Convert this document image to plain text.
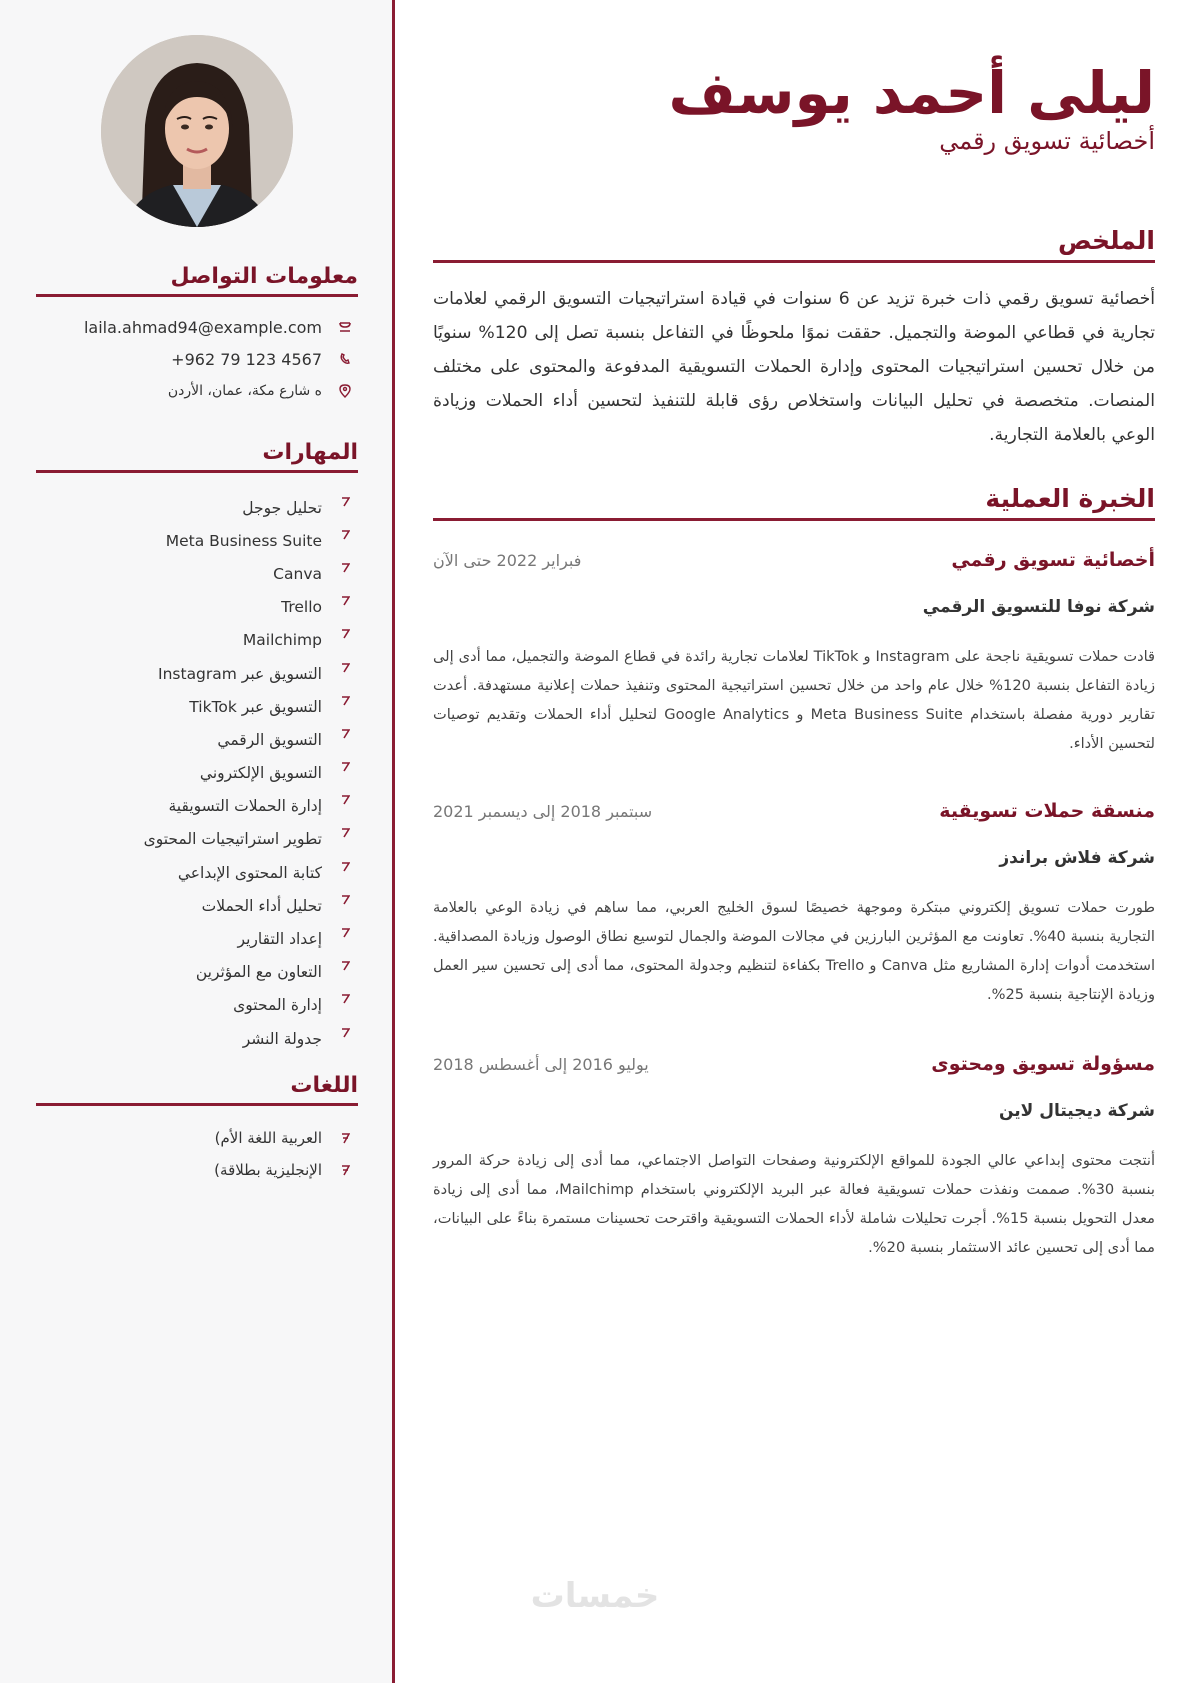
معلومات التواصل
laila.ahmad94@example.com
+962 79 123 4567
ه شارع مكة، عمان، الأردن
المهارات
تحليل جوجل
Meta Business Suite
Canva
Trello
Mailchimp
التسويق عبر Instagram
التسويق عبر TikTok
التسويق الرقمي
التسويق الإلكتروني
إدارة الحملات التسويقية
تطوير استراتيجيات المحتوى
كتابة المحتوى الإبداعي
تحليل أداء الحملات
إعداد التقارير
التعاون مع المؤثرين
إدارة المحتوى
جدولة النشر
اللغات
العربية اللغة الأم)
الإنجليزية بطلاقة)
ليلى أحمد يوسف
أخصائية تسويق رقمي
الملخص

أخصائية تسويق رقمي ذات خبرة تزيد عن 6 سنوات في قيادة استراتيجيات التسويق الرقمي لعلامات تجارية في قطاعي الموضة والتجميل. حققت نموًا ملحوظًا في التفاعل بنسبة تصل إلى 120% سنويًا من خلال تحسين استراتيجيات المحتوى وإدارة الحملات التسويقية المدفوعة والمحتوى على مختلف المنصات. متخصصة في تحليل البيانات واستخلاص رؤى قابلة للتنفيذ لتحسين أداء الحملات وزيادة الوعي بالعلامة التجارية.

الخبرة العملية
أخصائية تسويق رقمي
فبراير 2022 حتى الآن
شركة نوفا للتسويق الرقمي

قادت حملات تسويقية ناجحة على Instagram و TikTok لعلامات تجارية رائدة في قطاع الموضة والتجميل، مما أدى إلى زيادة التفاعل بنسبة 120% خلال عام واحد من خلال تحسين استراتيجية المحتوى وتنفيذ حملات إعلانية مستهدفة. أعدت تقارير دورية مفصلة باستخدام Meta Business Suite و Google Analytics لتحليل أداء الحملات وتقديم توصيات لتحسين الأداء.

منسقة حملات تسويقية
سبتمبر 2018 إلى ديسمبر 2021
شركة فلاش براندز

طورت حملات تسويق إلكتروني مبتكرة وموجهة خصيصًا لسوق الخليج العربي، مما ساهم في زيادة الوعي بالعلامة التجارية بنسبة 40%. تعاونت مع المؤثرين البارزين في مجالات الموضة والجمال لتوسيع نطاق الوصول وزيادة المصداقية. استخدمت أدوات إدارة المشاريع مثل Canva و Trello بكفاءة لتنظيم وجدولة المحتوى، مما أدى إلى تحسين سير العمل وزيادة الإنتاجية بنسبة 25%.

مسؤولة تسويق ومحتوى
يوليو 2016 إلى أغسطس 2018
شركة ديجيتال لاين

أنتجت محتوى إبداعي عالي الجودة للمواقع الإلكترونية وصفحات التواصل الاجتماعي، مما أدى إلى زيادة حركة المرور بنسبة 30%. صممت ونفذت حملات تسويقية فعالة عبر البريد الإلكتروني باستخدام Mailchimp، مما أدى إلى زيادة معدل التحويل بنسبة 15%. أجرت تحليلات شاملة لأداء الحملات التسويقية واقترحت تحسينات مستمرة بناءً على البيانات، مما أدى إلى تحسين عائد الاستثمار بنسبة 20%.

خمسات
